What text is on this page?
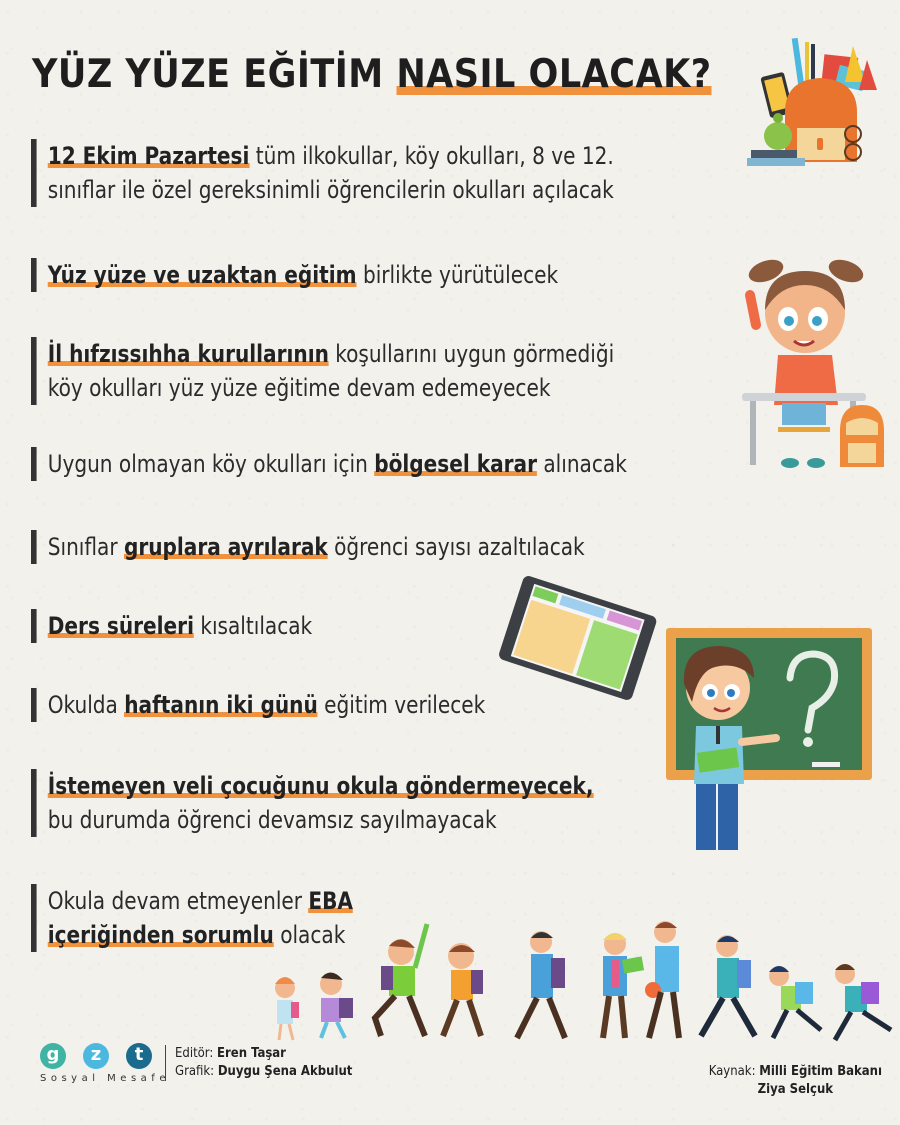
YÜZ YÜZE EĞİTİM NASIL OLACAK?
12 Ekim Pazartesi tüm ilkokullar, köy okulları, 8 ve 12.
sınıflar ile özel gereksinimli öğrencilerin okulları açılacak
Yüz yüze ve uzaktan eğitim birlikte yürütülecek
İl hıfzıssıhha kurullarının koşullarını uygun görmediği
köy okulları yüz yüze eğitime devam edemeyecek
Uygun olmayan köy okulları için bölgesel karar alınacak
Sınıflar gruplara ayrılarak öğrenci sayısı azaltılacak
Ders süreleri kısaltılacak
Okulda haftanın iki günü eğitim verilecek
İstemeyen veli çocuğunu okula göndermeyecek,
bu durumda öğrenci devamsız sayılmayacak
Okula devam etmeyenler EBA
içeriğinden sorumlu olacak
g z t
Sosyal Mesafe
Editör: Eren Taşar
Grafik: Duygu Şena Akbulut	Kaynak: Milli Eğitim Bakanı
Ziya Selçuk
